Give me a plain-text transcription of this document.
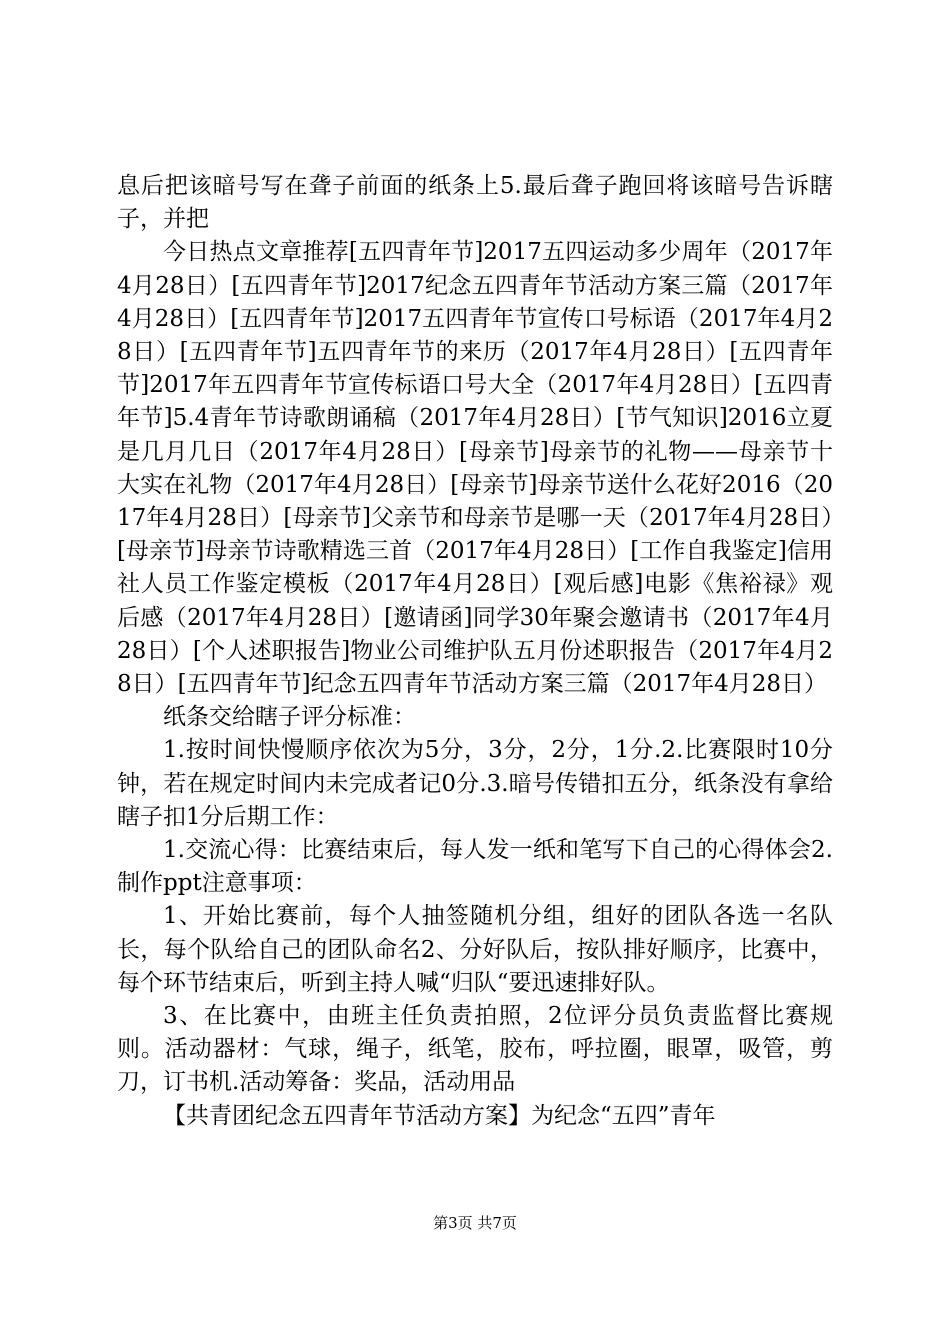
息后把该暗号写在聋子前面的纸条上5.最后聋子跑回将该暗号告诉瞎子，并把

今日热点文章推荐[五四青年节]2017五四运动多少周年（2017年4月28日）[五四青年节]2017纪念五四青年节活动方案三篇（2017年4月28日）[五四青年节]2017五四青年节宣传口号标语（2017年4月28日）[五四青年节]五四青年节的来历（2017年4月28日）[五四青年节]2017年五四青年节宣传标语口号大全（2017年4月28日）[五四青年节]5.4青年节诗歌朗诵稿（2017年4月28日）[节气知识]2016立夏是几月几日（2017年4月28日）[母亲节]母亲节的礼物——母亲节十大实在礼物（2017年4月28日）[母亲节]母亲节送什么花好2016（2017年4月28日）[母亲节]父亲节和母亲节是哪一天（2017年4月28日）[母亲节]母亲节诗歌精选三首（2017年4月28日）[工作自我鉴定]信用社人员工作鉴定模板（2017年4月28日）[观后感]电影《焦裕禄》观后感（2017年4月28日）[邀请函]同学30年聚会邀请书（2017年4月28日）[个人述职报告]物业公司维护队五月份述职报告（2017年4月28日）[五四青年节]纪念五四青年节活动方案三篇（2017年4月28日）

纸条交给瞎子评分标准：

1.按时间快慢顺序依次为5分，3分，2分，1分.2.比赛限时10分钟，若在规定时间内未完成者记0分.3.暗号传错扣五分，纸条没有拿给瞎子扣1分后期工作：

1.交流心得：比赛结束后，每人发一纸和笔写下自己的心得体会2.制作ppt注意事项：

1、开始比赛前，每个人抽签随机分组，组好的团队各选一名队长，每个队给自己的团队命名2、分好队后，按队排好顺序，比赛中，每个环节结束后，听到主持人喊“归队“要迅速排好队。

3、在比赛中，由班主任负责拍照，2位评分员负责监督比赛规则。活动器材：气球，绳子，纸笔，胶布，呼拉圈，眼罩，吸管，剪刀，订书机.活动筹备：奖品，活动用品

【共青团纪念五四青年节活动方案】为纪念“五四”青年

第3页 共7页
